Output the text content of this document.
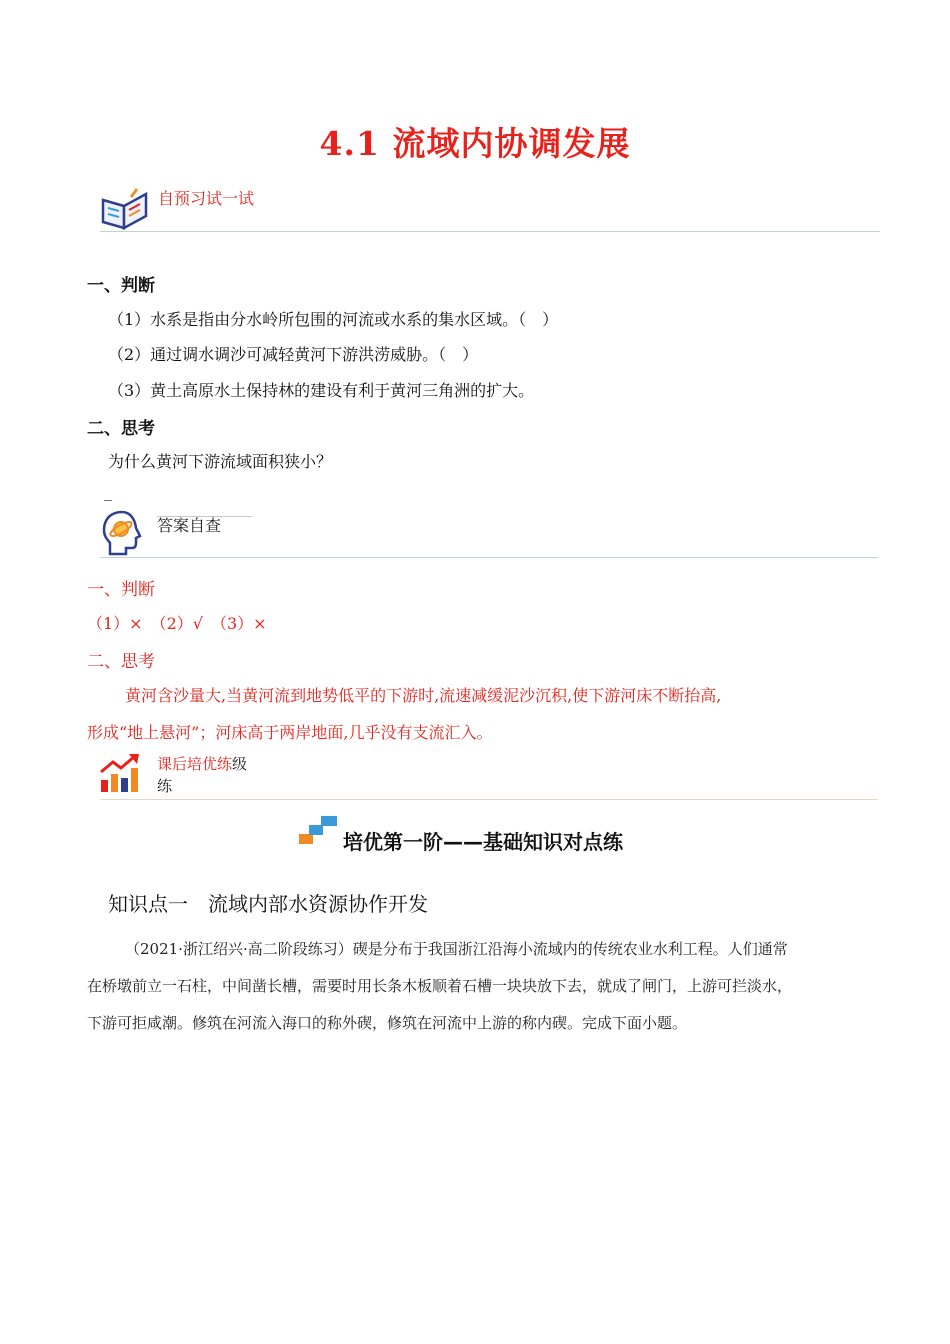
4.1 流域内协调发展
自预习试一试
一、判断
（1）水系是指由分水岭所包围的河流或水系的集水区域。（　）
（2）通过调水调沙可减轻黄河下游洪涝威胁。（　）
（3）黄土高原水土保持林的建设有利于黄河三角洲的扩大。
二、思考
为什么黄河下游流域面积狭小？
_
答案自查
一、判断
（1）×　（2）√　（3）×
二、思考
黄河含沙量大,当黄河流到地势低平的下游时,流速减缓泥沙沉积,使下游河床不断抬高,
形成“地上悬河”；河床高于两岸地面,几乎没有支流汇入。
课后培优练级
练
培优第一阶——基础知识对点练
知识点一　流域内部水资源协作开发
（2021·浙江绍兴·高二阶段练习）碶是分布于我国浙江沿海小流域内的传统农业水利工程。人们通常
在桥墩前立一石柱，中间凿长槽，需要时用长条木板顺着石槽一块块放下去，就成了闸门，上游可拦淡水，
下游可拒咸潮。修筑在河流入海口的称外碶，修筑在河流中上游的称内碶。完成下面小题。
